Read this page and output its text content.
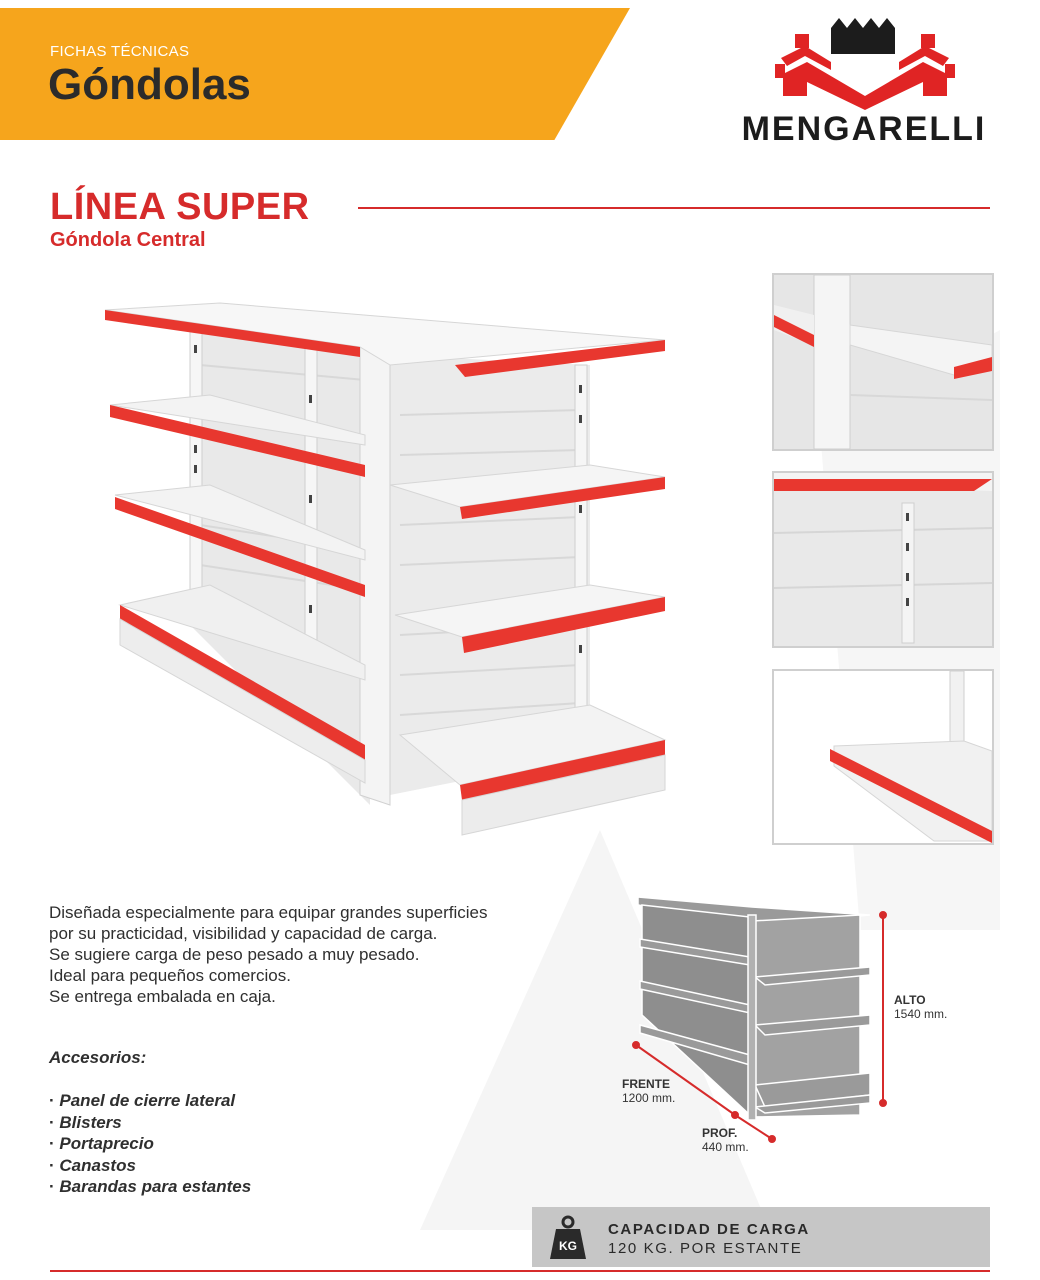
FICHAS TÉCNICAS
Góndolas
MENGARELLI
LÍNEA SUPER
Góndola Central

Diseñada especialmente para equipar grandes superficies por su practicidad, visibilidad y capacidad de carga.

Se sugiere carga de peso pesado a muy pesado.

Ideal para pequeños comercios.

Se entrega embalada en caja.

Accesorios:
· Panel de cierre lateral
· Blisters
· Portaprecio
· Canastos
· Barandas para estantes
ALTO
1540 mm.
FRENTE
1200 mm.
PROF.
440 mm.
KG
CAPACIDAD DE CARGA
120 KG. POR ESTANTE
